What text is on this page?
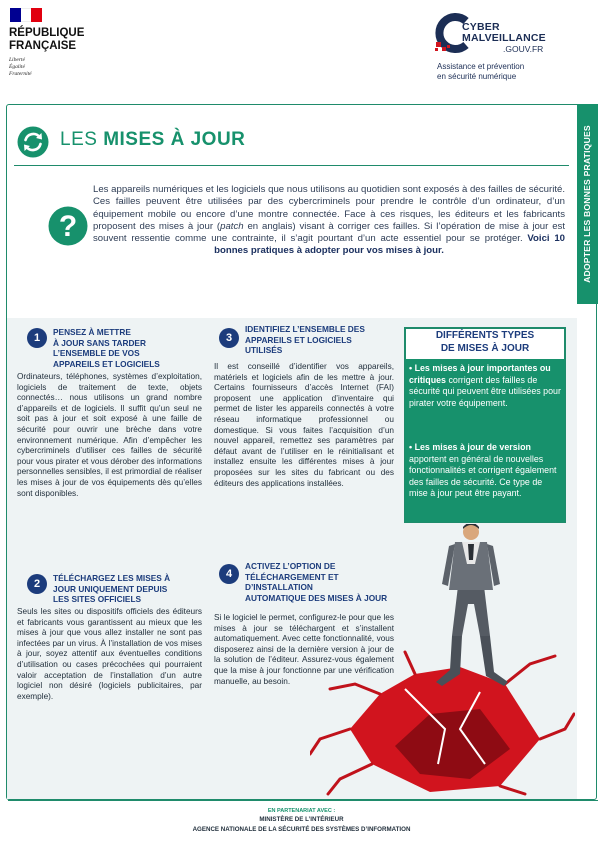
RÉPUBLIQUE
FRANÇAISE
Liberté
Égalité
Fraternité
CYBER
MALVEILLANCE
.GOUV.FR
Assistance et prévention
en sécurité numérique
ADOPTER LES BONNES PRATIQUES
LES MISES À JOUR
?
Les appareils numériques et les logiciels que nous utilisons au quotidien sont exposés à des failles de sécurité. Ces failles peuvent être utilisées par des cybercriminels pour prendre le contrôle d’un ordinateur, d’un équipement mobile ou encore d’une montre connectée. Face à ces risques, les éditeurs et les fabricants proposent des mises à jour (patch en anglais) visant à corriger ces failles. Si l’opération de mise à jour est souvent ressentie comme une contrainte, il s’agit pourtant d’un acte essentiel pour se protéger. Voici 10 bonnes pratiques à adopter pour vos mises à jour.
1	PENSEZ À METTRE
À JOUR SANS TARDER
L’ENSEMBLE DE VOS
APPAREILS ET LOGICIELS
Ordinateurs, téléphones, systèmes d’exploitation, logiciels de traitement de texte, objets connectés… nous utilisons un grand nombre d’appareils et de logiciels. Il suffit qu’un seul ne soit pas à jour et soit exposé à une faille de sécurité pour ouvrir une brèche dans votre environnement numérique. Afin d’empêcher les cybercriminels d’utiliser ces failles de sécurité pour vous pirater et vous dérober des informations personnelles sensibles, il est primordial de réaliser les mises à jour de vos équipements dès qu’elles sont disponibles.
2	TÉLÉCHARGEZ LES MISES À
JOUR UNIQUEMENT DEPUIS
LES SITES OFFICIELS
Seuls les sites ou dispositifs officiels des éditeurs et fabricants vous garantissent au mieux que les mises à jour que vous allez installer ne sont pas infectées par un virus. À l’installation de vos mises à jour, soyez attentif aux éventuelles conditions d’utilisation ou cases précochées qui pourraient valoir acceptation de l’installation d’un autre logiciel non désiré (logiciels publicitaires, par exemple).
3
IDENTIFIEZ L’ENSEMBLE DES
APPAREILS ET LOGICIELS
UTILISÉS
Il est conseillé d’identifier vos appareils, matériels et logiciels afin de les mettre à jour. Certains fournisseurs d’accès Internet (FAI) proposent une application d’inventaire qui permet de lister les appareils connectés à votre réseau informatique professionnel ou domestique. Si vous faites l’acquisition d’un nouvel appareil, remettez ses paramètres par défaut avant de l’utiliser en le réinitialisant et installez ensuite les différentes mises à jour proposées sur les sites du fabricant ou des éditeurs des applications installées.
4
ACTIVEZ L’OPTION DE
TÉLÉCHARGEMENT ET
D’INSTALLATION
AUTOMATIQUE DES MISES À JOUR
Si le logiciel le permet, configurez-le pour que les mises à jour se téléchargent et s’installent automatiquement. Avec cette fonctionnalité, vous disposerez ainsi de la dernière version à jour de la solution de l’éditeur. Assurez-vous également que la mise à jour fonctionne par une vérification manuelle, au besoin.
DIFFÉRENTS TYPES
DE MISES À JOUR
• Les mises à jour importantes ou critiques corrigent des failles de sécurité qui peuvent être utilisées pour pirater votre équipement.
• Les mises à jour de version apportent en général de nouvelles fonctionnalités et corrigent également des failles de sécurité. Ce type de mise à jour peut être payant.
EN PARTENARIAT AVEC :
MINISTÈRE DE L’INTÉRIEUR
AGENCE NATIONALE DE LA SÉCURITÉ DES SYSTÈMES D’INFORMATION
